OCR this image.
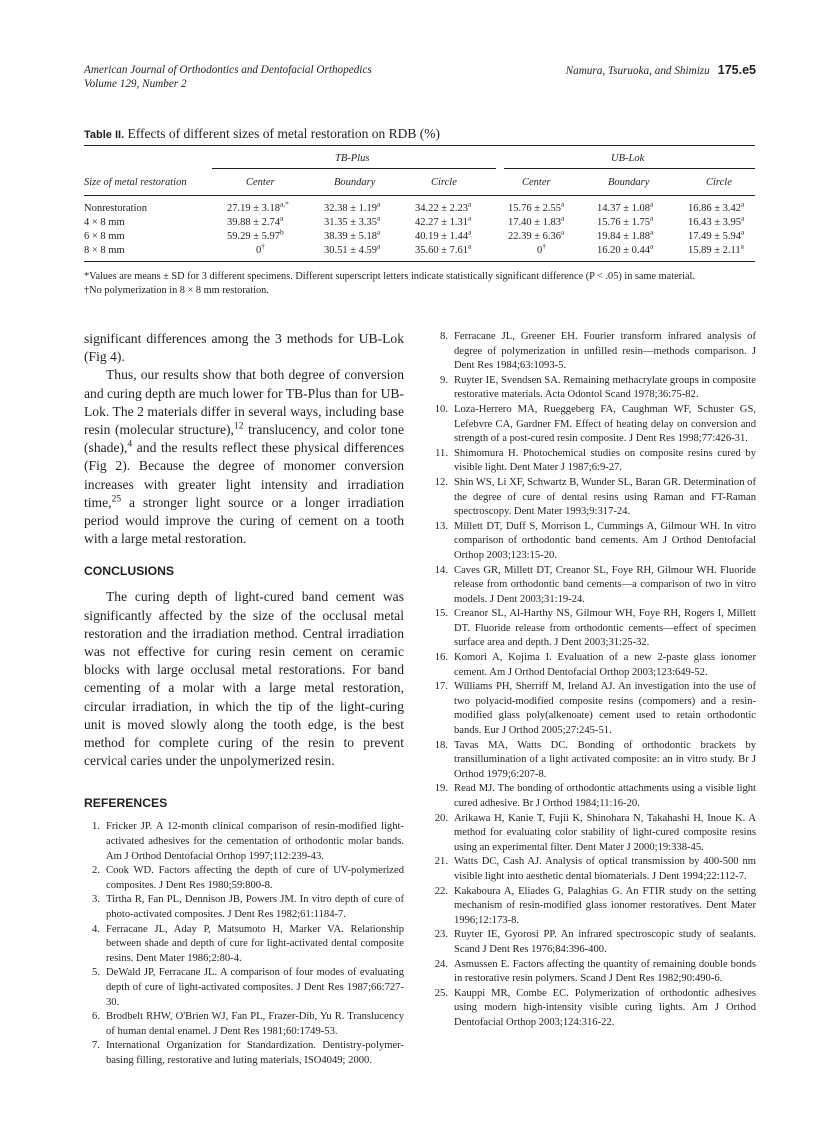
American Journal of Orthodontics and Dentofacial Orthopedics
Volume 129, Number 2
Namura, Tsuruoka, and Shimizu 175.e5
Table II. Effects of different sizes of metal restoration on RDB (%)
TB-Plus	UB-Lok
Size of metal restoration	Center	Boundary	Circle	Center	Boundary	Circle
Nonrestoration	$27.19 \pm 3.18^{a,*}$	32.38 ± 1.19$^a$	34.22 ± 2.23$^a$	15.76 ± 2.55$^a$	14.37 ± 1.08$^a$	16.86 ± 3.42$^a$
4 × 8 mm	39.88 ± 2.74$^a$	31.35 ± 3.35$^a$	42.27 ± 1.31$^a$	17.40 ± 1.83$^a$	15.76 ± 1.75$^a$	16.43 ± 3.95$^a$
6 × 8 mm	59.29 ± 5.97$^b$	38.39 ± 5.18$^a$	40.19 ± 1.44$^a$	22.39 ± 6.36$^a$	19.84 ± 1.88$^a$	17.49 ± 5.94$^a$
8 × 8 mm	0†	30.51 ± 4.59$^a$	35.60 ± 7.61$^a$	0†	16.20 ± 0.44$^a$	15.89 ± 2.11$^a$
*Values are means ± SD for 3 different specimens. Different superscript letters indicate statistically significant difference (P < .05) in same material.
†No polymerization in 8 × 8 mm restoration.

significant differences among the 3 methods for UB-Lok (Fig 4).

Thus, our results show that both degree of conversion and curing depth are much lower for TB-Plus than for UB-Lok. The 2 materials differ in several ways, including base resin (molecular structure),$^{12}$ translucency, and color tone (shade),$^4$ and the results reflect these physical differences (Fig 2). Because the degree of monomer conversion increases with greater light intensity and irradiation time,$^{25}$ a stronger light source or a longer irradiation period would improve the curing of cement on a tooth with a large metal restoration.

CONCLUSIONS

The curing depth of light-cured band cement was significantly affected by the size of the occlusal metal restoration and the irradiation method. Central irradiation was not effective for curing resin cement on ceramic blocks with large occlusal metal restorations. For band cementing of a molar with a large metal restoration, circular irradiation, in which the tip of the light-curing unit is moved slowly along the tooth edge, is the best method for complete curing of the resin to prevent cervical caries under the unpolymerized resin.

REFERENCES
1. Fricker JP. A 12-month clinical comparison of resin-modified light-activated adhesives for the cementation of orthodontic molar bands. Am J Orthod Dentofacial Orthop 1997;112:239-43.
2. Cook WD. Factors affecting the depth of cure of UV-polymerized composites. J Dent Res 1980;59:800-8.
3. Tirtha R, Fan PL, Dennison JB, Powers JM. In vitro depth of cure of photo-activated composites. J Dent Res 1982;61:1184-7.
4. Ferracane JL, Aday P, Matsumoto H, Marker VA. Relationship between shade and depth of cure for light-activated dental composite resins. Dent Mater 1986;2:80-4.
5. DeWald JP, Ferracane JL. A comparison of four modes of evaluating depth of cure of light-activated composites. J Dent Res 1987;66:727-30.
6. Brodbelt RHW, O'Brien WJ, Fan PL, Frazer-Dib, Yu R. Translucency of human dental enamel. J Dent Res 1981;60:1749-53.
7. International Organization for Standardization. Dentistry-polymer-basing filling, restorative and luting materials, ISO4049; 2000.
8. Ferracane JL, Greener EH. Fourier transform infrared analysis of degree of polymerization in unfilled resin—methods comparison. J Dent Res 1984;63:1093-5.
9. Ruyter IE, Svendsen SA. Remaining methacrylate groups in composite restorative materials. Acta Odontol Scand 1978;36:75-82.
10. Loza-Herrero MA, Rueggeberg FA, Caughman WF, Schuster GS, Lefebvre CA, Gardner FM. Effect of heating delay on conversion and strength of a post-cured resin composite. J Dent Res 1998;77:426-31.
11. Shimomura H. Photochemical studies on composite resins cured by visible light. Dent Mater J 1987;6:9-27.
12. Shin WS, Li XF, Schwartz B, Wunder SL, Baran GR. Determination of the degree of cure of dental resins using Raman and FT-Raman spectroscopy. Dent Mater 1993;9:317-24.
13. Millett DT, Duff S, Morrison L, Cummings A, Gilmour WH. In vitro comparison of orthodontic band cements. Am J Orthod Dentofacial Orthop 2003;123:15-20.
14. Caves GR, Millett DT, Creanor SL, Foye RH, Gilmour WH. Fluoride release from orthodontic band cements—a comparison of two in vitro models. J Dent 2003;31:19-24.
15. Creanor SL, Al-Harthy NS, Gilmour WH, Foye RH, Rogers I, Millett DT. Fluoride release from orthodontic cements—effect of specimen surface area and depth. J Dent 2003;31:25-32.
16. Komori A, Kojima I. Evaluation of a new 2-paste glass ionomer cement. Am J Orthod Dentofacial Orthop 2003;123:649-52.
17. Williams PH, Sherriff M, Ireland AJ. An investigation into the use of two polyacid-modified composite resins (compomers) and a resin-modified glass poly(alkenoate) cement used to retain orthodontic bands. Eur J Orthod 2005;27:245-51.
18. Tavas MA, Watts DC. Bonding of orthodontic brackets by transillumination of a light activated composite: an in vitro study. Br J Orthod 1979;6:207-8.
19. Read MJ. The bonding of orthodontic attachments using a visible light cured adhesive. Br J Orthod 1984;11:16-20.
20. Arikawa H, Kanie T, Fujii K, Shinohara N, Takahashi H, Inoue K. A method for evaluating color stability of light-cured composite resins using an experimental filter. Dent Mater J 2000;19:338-45.
21. Watts DC, Cash AJ. Analysis of optical transmission by 400-500 nm visible light into aesthetic dental biomaterials. J Dent 1994;22:112-7.
22. Kakaboura A, Eliades G, Palaghias G. An FTIR study on the setting mechanism of resin-modified glass ionomer restoratives. Dent Mater 1996;12:173-8.
23. Ruyter IE, Gyorosi PP. An infrared spectroscopic study of sealants. Scand J Dent Res 1976;84:396-400.
24. Asmussen E. Factors affecting the quantity of remaining double bonds in restorative resin polymers. Scand J Dent Res 1982;90:490-6.
25. Kauppi MR, Combe EC. Polymerization of orthodontic adhesives using modern high-intensity visible curing lights. Am J Orthod Dentofacial Orthop 2003;124:316-22.
